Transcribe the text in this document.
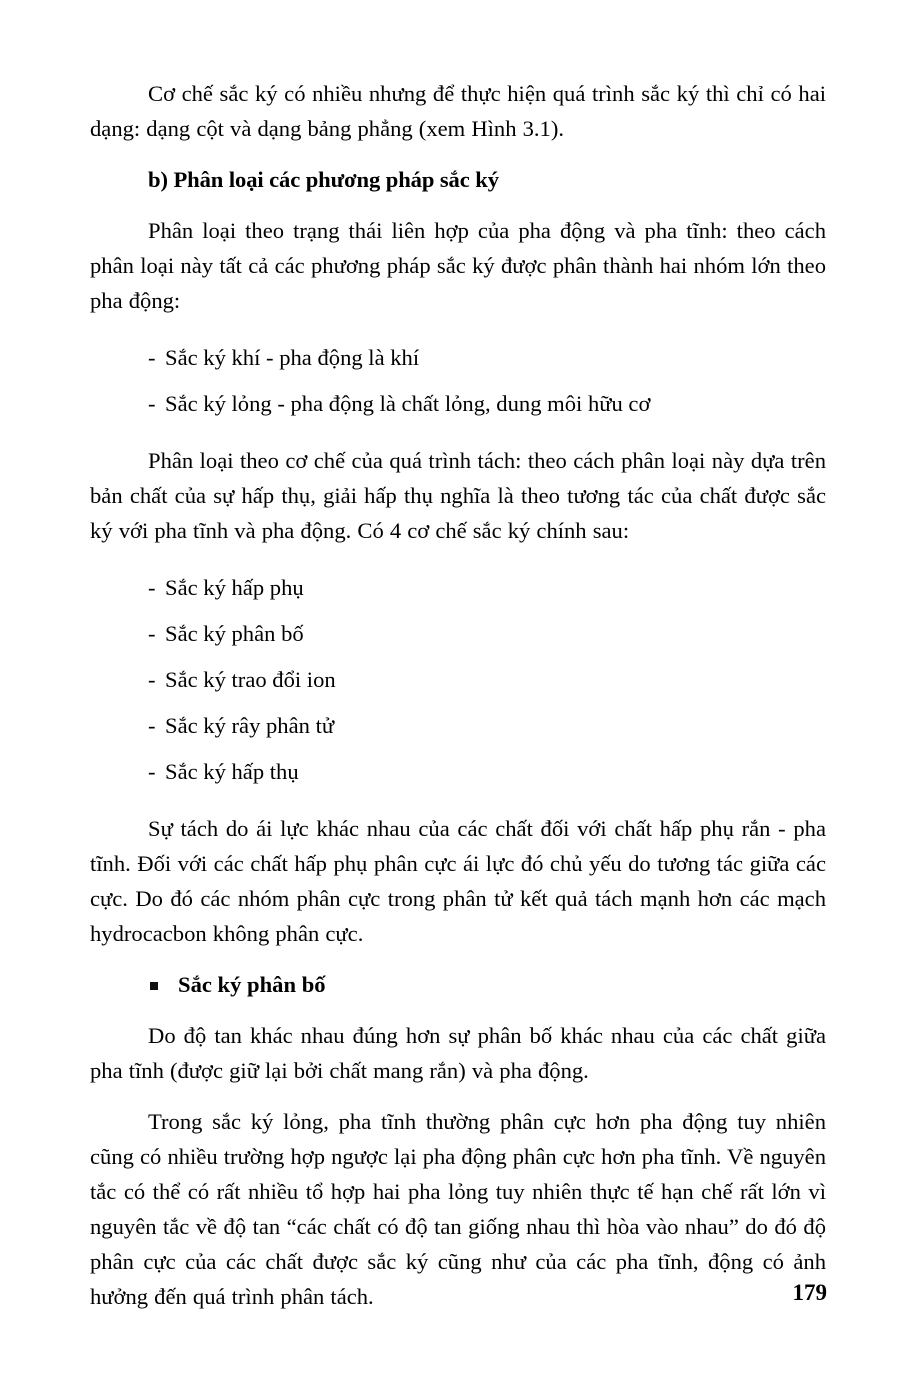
Cơ chế sắc ký có nhiều nhưng để thực hiện quá trình sắc ký thì chỉ có hai dạng: dạng cột và dạng bảng phẳng (xem Hình 3.1).

b) Phân loại các phương pháp sắc ký

Phân loại theo trạng thái liên hợp của pha động và pha tĩnh: theo cách phân loại này tất cả các phương pháp sắc ký được phân thành hai nhóm lớn theo pha động:

- Sắc ký khí - pha động là khí
- Sắc ký lỏng - pha động là chất lỏng, dung môi hữu cơ

Phân loại theo cơ chế của quá trình tách: theo cách phân loại này dựa trên bản chất của sự hấp thụ, giải hấp thụ nghĩa là theo tương tác của chất được sắc ký với pha tĩnh và pha động. Có 4 cơ chế sắc ký chính sau:

- Sắc ký hấp phụ
- Sắc ký phân bố
- Sắc ký trao đổi ion
- Sắc ký rây phân tử
- Sắc ký hấp thụ

Sự tách do ái lực khác nhau của các chất đối với chất hấp phụ rắn - pha tĩnh. Đối với các chất hấp phụ phân cực ái lực đó chủ yếu do tương tác giữa các cực. Do đó các nhóm phân cực trong phân tử kết quả tách mạnh hơn các mạch hydrocacbon không phân cực.

Sắc ký phân bố

Do độ tan khác nhau đúng hơn sự phân bố khác nhau của các chất giữa pha tĩnh (được giữ lại bởi chất mang rắn) và pha động.

Trong sắc ký lỏng, pha tĩnh thường phân cực hơn pha động tuy nhiên cũng có nhiều trường hợp ngược lại pha động phân cực hơn pha tĩnh. Về nguyên tắc có thể có rất nhiều tổ hợp hai pha lỏng tuy nhiên thực tế hạn chế rất lớn vì nguyên tắc về độ tan “các chất có độ tan giống nhau thì hòa vào nhau” do đó độ phân cực của các chất được sắc ký cũng như của các pha tĩnh, động có ảnh hưởng đến quá trình phân tách.	179
